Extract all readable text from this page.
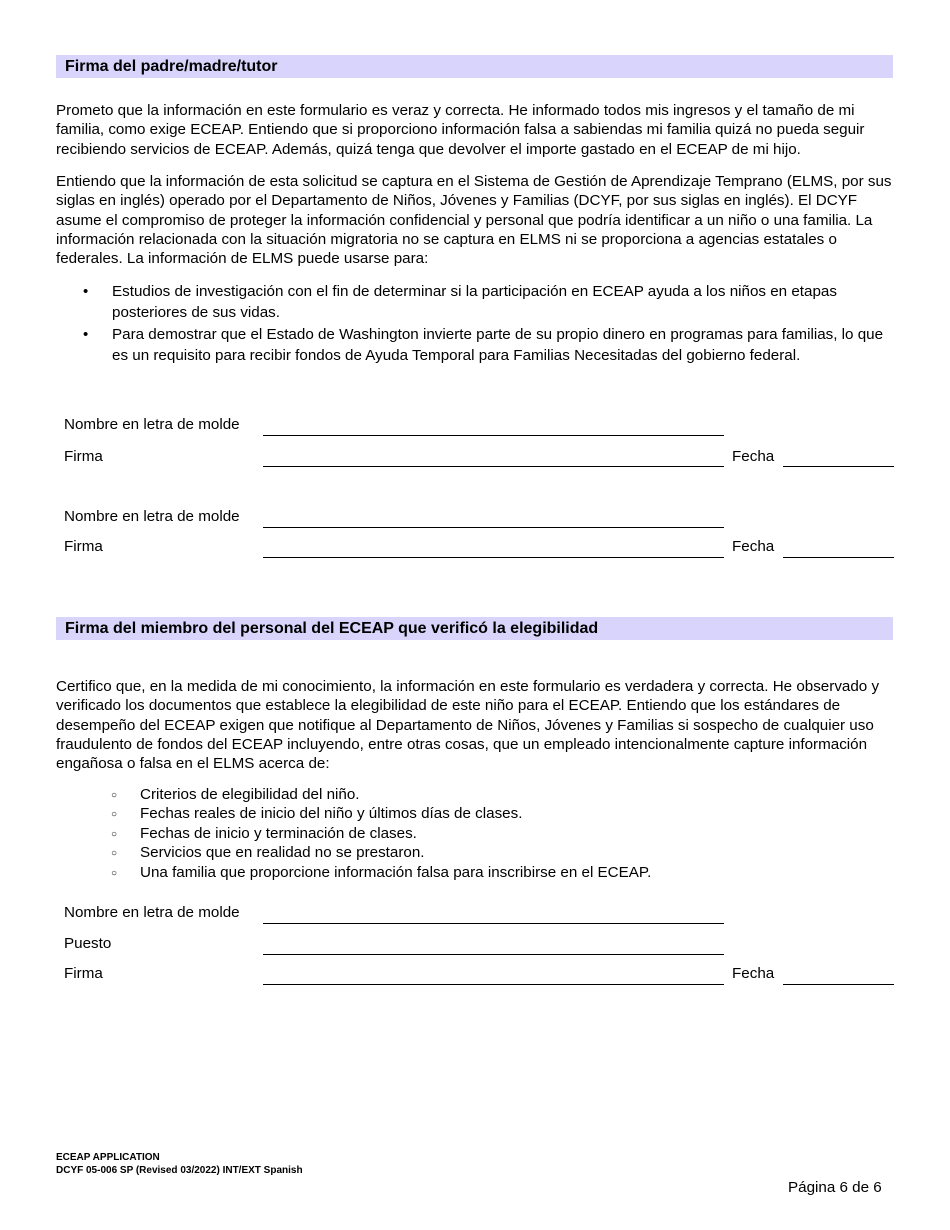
Firma del padre/madre/tutor

Prometo que la información en este formulario es veraz y correcta. He informado todos mis ingresos y el tamaño de mi familia, como exige ECEAP. Entiendo que si proporciono información falsa a sabiendas mi familia quizá no pueda seguir recibiendo servicios de ECEAP. Además, quizá tenga que devolver el importe gastado en el ECEAP de mi hijo.

Entiendo que la información de esta solicitud se captura en el Sistema de Gestión de Aprendizaje Temprano (ELMS, por sus siglas en inglés) operado por el Departamento de Niños, Jóvenes y Familias (DCYF, por sus siglas en inglés). El DCYF asume el compromiso de proteger la información confidencial y personal que podría identificar a un niño o una familia. La información relacionada con la situación migratoria no se captura en ELMS ni se proporciona a agencias estatales o federales. La información de ELMS puede usarse para:

• Estudios de investigación con el fin de determinar si la participación en ECEAP ayuda a los niños en etapas posteriores de sus vidas.
• Para demostrar que el Estado de Washington invierte parte de su propio dinero en programas para familias, lo que es un requisito para recibir fondos de Ayuda Temporal para Familias Necesitadas del gobierno federal.
Nombre en letra de molde
Firma	Fecha
Nombre en letra de molde
Firma	Fecha
Firma del miembro del personal del ECEAP que verificó la elegibilidad

Certifico que, en la medida de mi conocimiento, la información en este formulario es verdadera y correcta. He observado y verificado los documentos que establece la elegibilidad de este niño para el ECEAP. Entiendo que los estándares de desempeño del ECEAP exigen que notifique al Departamento de Niños, Jóvenes y Familias si sospecho de cualquier uso fraudulento de fondos del ECEAP incluyendo, entre otras cosas, que un empleado intencionalmente capture información engañosa o falsa en el ELMS acerca de:

○ Criterios de elegibilidad del niño.
○ Fechas reales de inicio del niño y últimos días de clases.
○ Fechas de inicio y terminación de clases.
○ Servicios que en realidad no se prestaron.
○ Una familia que proporcione información falsa para inscribirse en el ECEAP.
Nombre en letra de molde
Puesto
Firma	Fecha
ECEAP APPLICATION
DCYF 05-006 SP (Revised 03/2022) INT/EXT Spanish
Página 6 de 6
